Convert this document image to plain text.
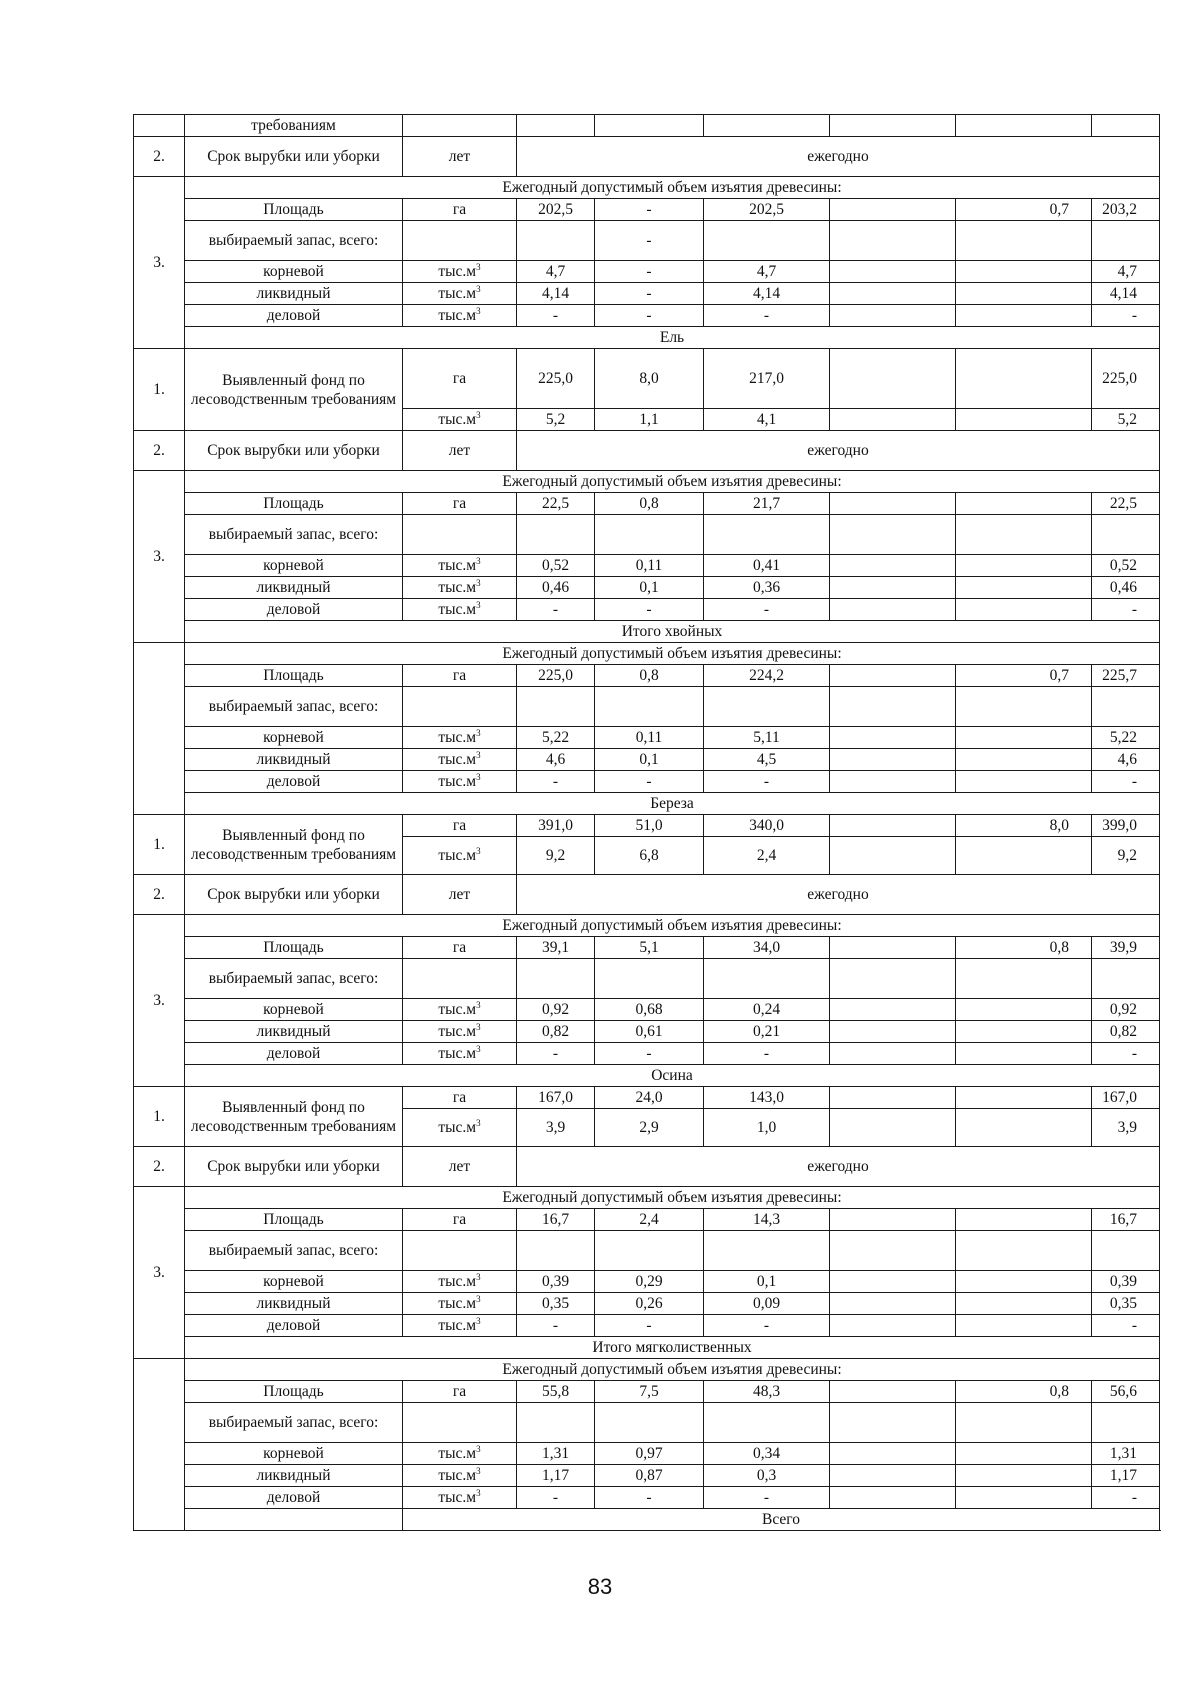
	требованиям							
2.	Срок вырубки или уборки	лет	ежегодно					
3.	Ежегодный допустимый объем изъятия древесины:							
	Площадь	га	202,5	-	202,5		0,7	203,2
	выбираемый запас, всего:			-				
	корневой	$тыс.м^3$	4,7	-	4,7			4,7
	ликвидный	$тыс.м^3$	4,14	-	4,14			4,14
	деловой	$тыс.м^3$	-	-	-			-
	Ель							
1.	Выявленный фонд по лесоводственным требованиям	га	225,0	8,0	217,0			225,0
		$тыс.м^3$	5,2	1,1	4,1			5,2
2.	Срок вырубки или уборки	лет	ежегодно					
3.	Ежегодный допустимый объем изъятия древесины:							
	Площадь	га	22,5	0,8	21,7			22,5
	выбираемый запас, всего:							
	корневой	$тыс.м^3$	0,52	0,11	0,41			0,52
	ликвидный	$тыс.м^3$	0,46	0,1	0,36			0,46
	деловой	$тыс.м^3$	-	-	-			-
	Итого хвойных							
	Ежегодный допустимый объем изъятия древесины:							
	Площадь	га	225,0	0,8	224,2		0,7	225,7
	выбираемый запас, всего:							
	корневой	$тыс.м^3$	5,22	0,11	5,11			5,22
	ликвидный	$тыс.м^3$	4,6	0,1	4,5			4,6
	деловой	$тыс.м^3$	-	-	-			-
	Береза							
1.	Выявленный фонд по лесоводственным требованиям	га	391,0	51,0	340,0		8,0	399,0
		$тыс.м^3$	9,2	6,8	2,4			9,2
2.	Срок вырубки или уборки	лет	ежегодно					
3.	Ежегодный допустимый объем изъятия древесины:							
	Площадь	га	39,1	5,1	34,0		0,8	39,9
	выбираемый запас, всего:							
	корневой	$тыс.м^3$	0,92	0,68	0,24			0,92
	ликвидный	$тыс.м^3$	0,82	0,61	0,21			0,82
	деловой	$тыс.м^3$	-	-	-			-
	Осина							
1.	Выявленный фонд по лесоводственным требованиям	га	167,0	24,0	143,0			167,0
		$тыс.м^3$	3,9	2,9	1,0			3,9
2.	Срок вырубки или уборки	лет	ежегодно					
3.	Ежегодный допустимый объем изъятия древесины:							
	Площадь	га	16,7	2,4	14,3			16,7
	выбираемый запас, всего:							
	корневой	$тыс.м^3$	0,39	0,29	0,1			0,39
	ликвидный	$тыс.м^3$	0,35	0,26	0,09			0,35
	деловой	$тыс.м^3$	-	-	-			-
	Итого мягколиственных							
	Ежегодный допустимый объем изъятия древесины:							
	Площадь	га	55,8	7,5	48,3		0,8	56,6
	выбираемый запас, всего:							
	корневой	$тыс.м^3$	1,31	0,97	0,34			1,31
	ликвидный	$тыс.м^3$	1,17	0,87	0,3			1,17
	деловой	$тыс.м^3$	-	-	-			-
		Всего						
83
